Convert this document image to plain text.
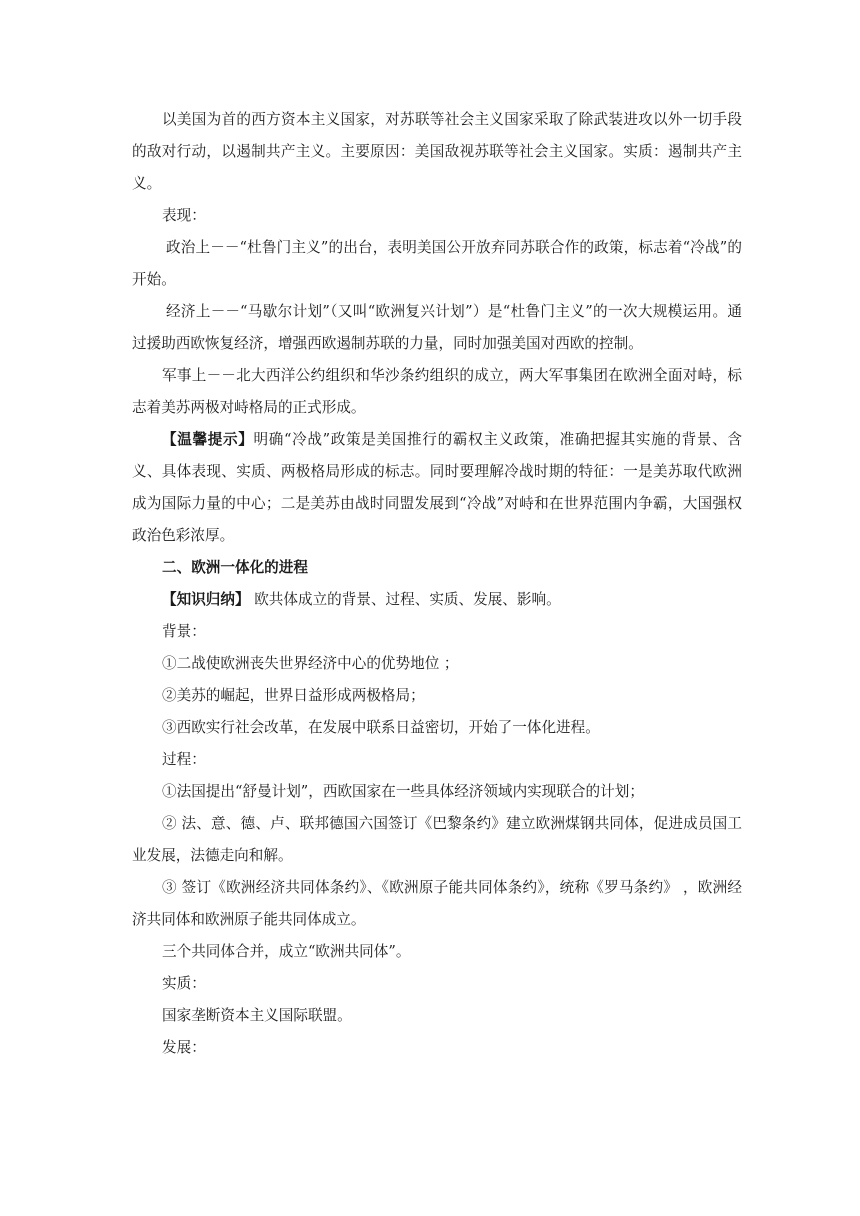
以美国为首的西方资本主义国家，对苏联等社会主义国家采取了除武装进攻以外一切手段的敌对行动，以遏制共产主义。主要原因：美国敌视苏联等社会主义国家。实质：遏制共产主义。

表现：

政治上－－“杜鲁门主义”的出台，表明美国公开放弃同苏联合作的政策，标志着“冷战”的开始。

经济上－－“马歇尔计划”（又叫“欧洲复兴计划”）是“杜鲁门主义”的一次大规模运用。通过援助西欧恢复经济，增强西欧遏制苏联的力量，同时加强美国对西欧的控制。

军事上－－北大西洋公约组织和华沙条约组织的成立，两大军事集团在欧洲全面对峙，标志着美苏两极对峙格局的正式形成。

【温馨提示】明确“冷战”政策是美国推行的霸权主义政策，准确把握其实施的背景、含义、具体表现、实质、两极格局形成的标志。同时要理解冷战时期的特征：一是美苏取代欧洲成为国际力量的中心；二是美苏由战时同盟发展到“冷战”对峙和在世界范围内争霸，大国强权政治色彩浓厚。

二、欧洲一体化的进程

【知识归纳】 欧共体成立的背景、过程、实质、发展、影响。

背景：

①二战使欧洲丧失世界经济中心的优势地位 ；

②美苏的崛起，世界日益形成两极格局；

③西欧实行社会改革，在发展中联系日益密切，开始了一体化进程。

过程：

①法国提出“舒曼计划”，西欧国家在一些具体经济领域内实现联合的计划；

② 法、意、德、卢、联邦德国六国签订《巴黎条约》建立欧洲煤钢共同体，促进成员国工业发展，法德走向和解。

③ 签订《欧洲经济共同体条约》、《欧洲原子能共同体条约》，统称《罗马条约》 ，欧洲经济共同体和欧洲原子能共同体成立。

三个共同体合并，成立“欧洲共同体”。

实质：

国家垄断资本主义国际联盟。

发展：
